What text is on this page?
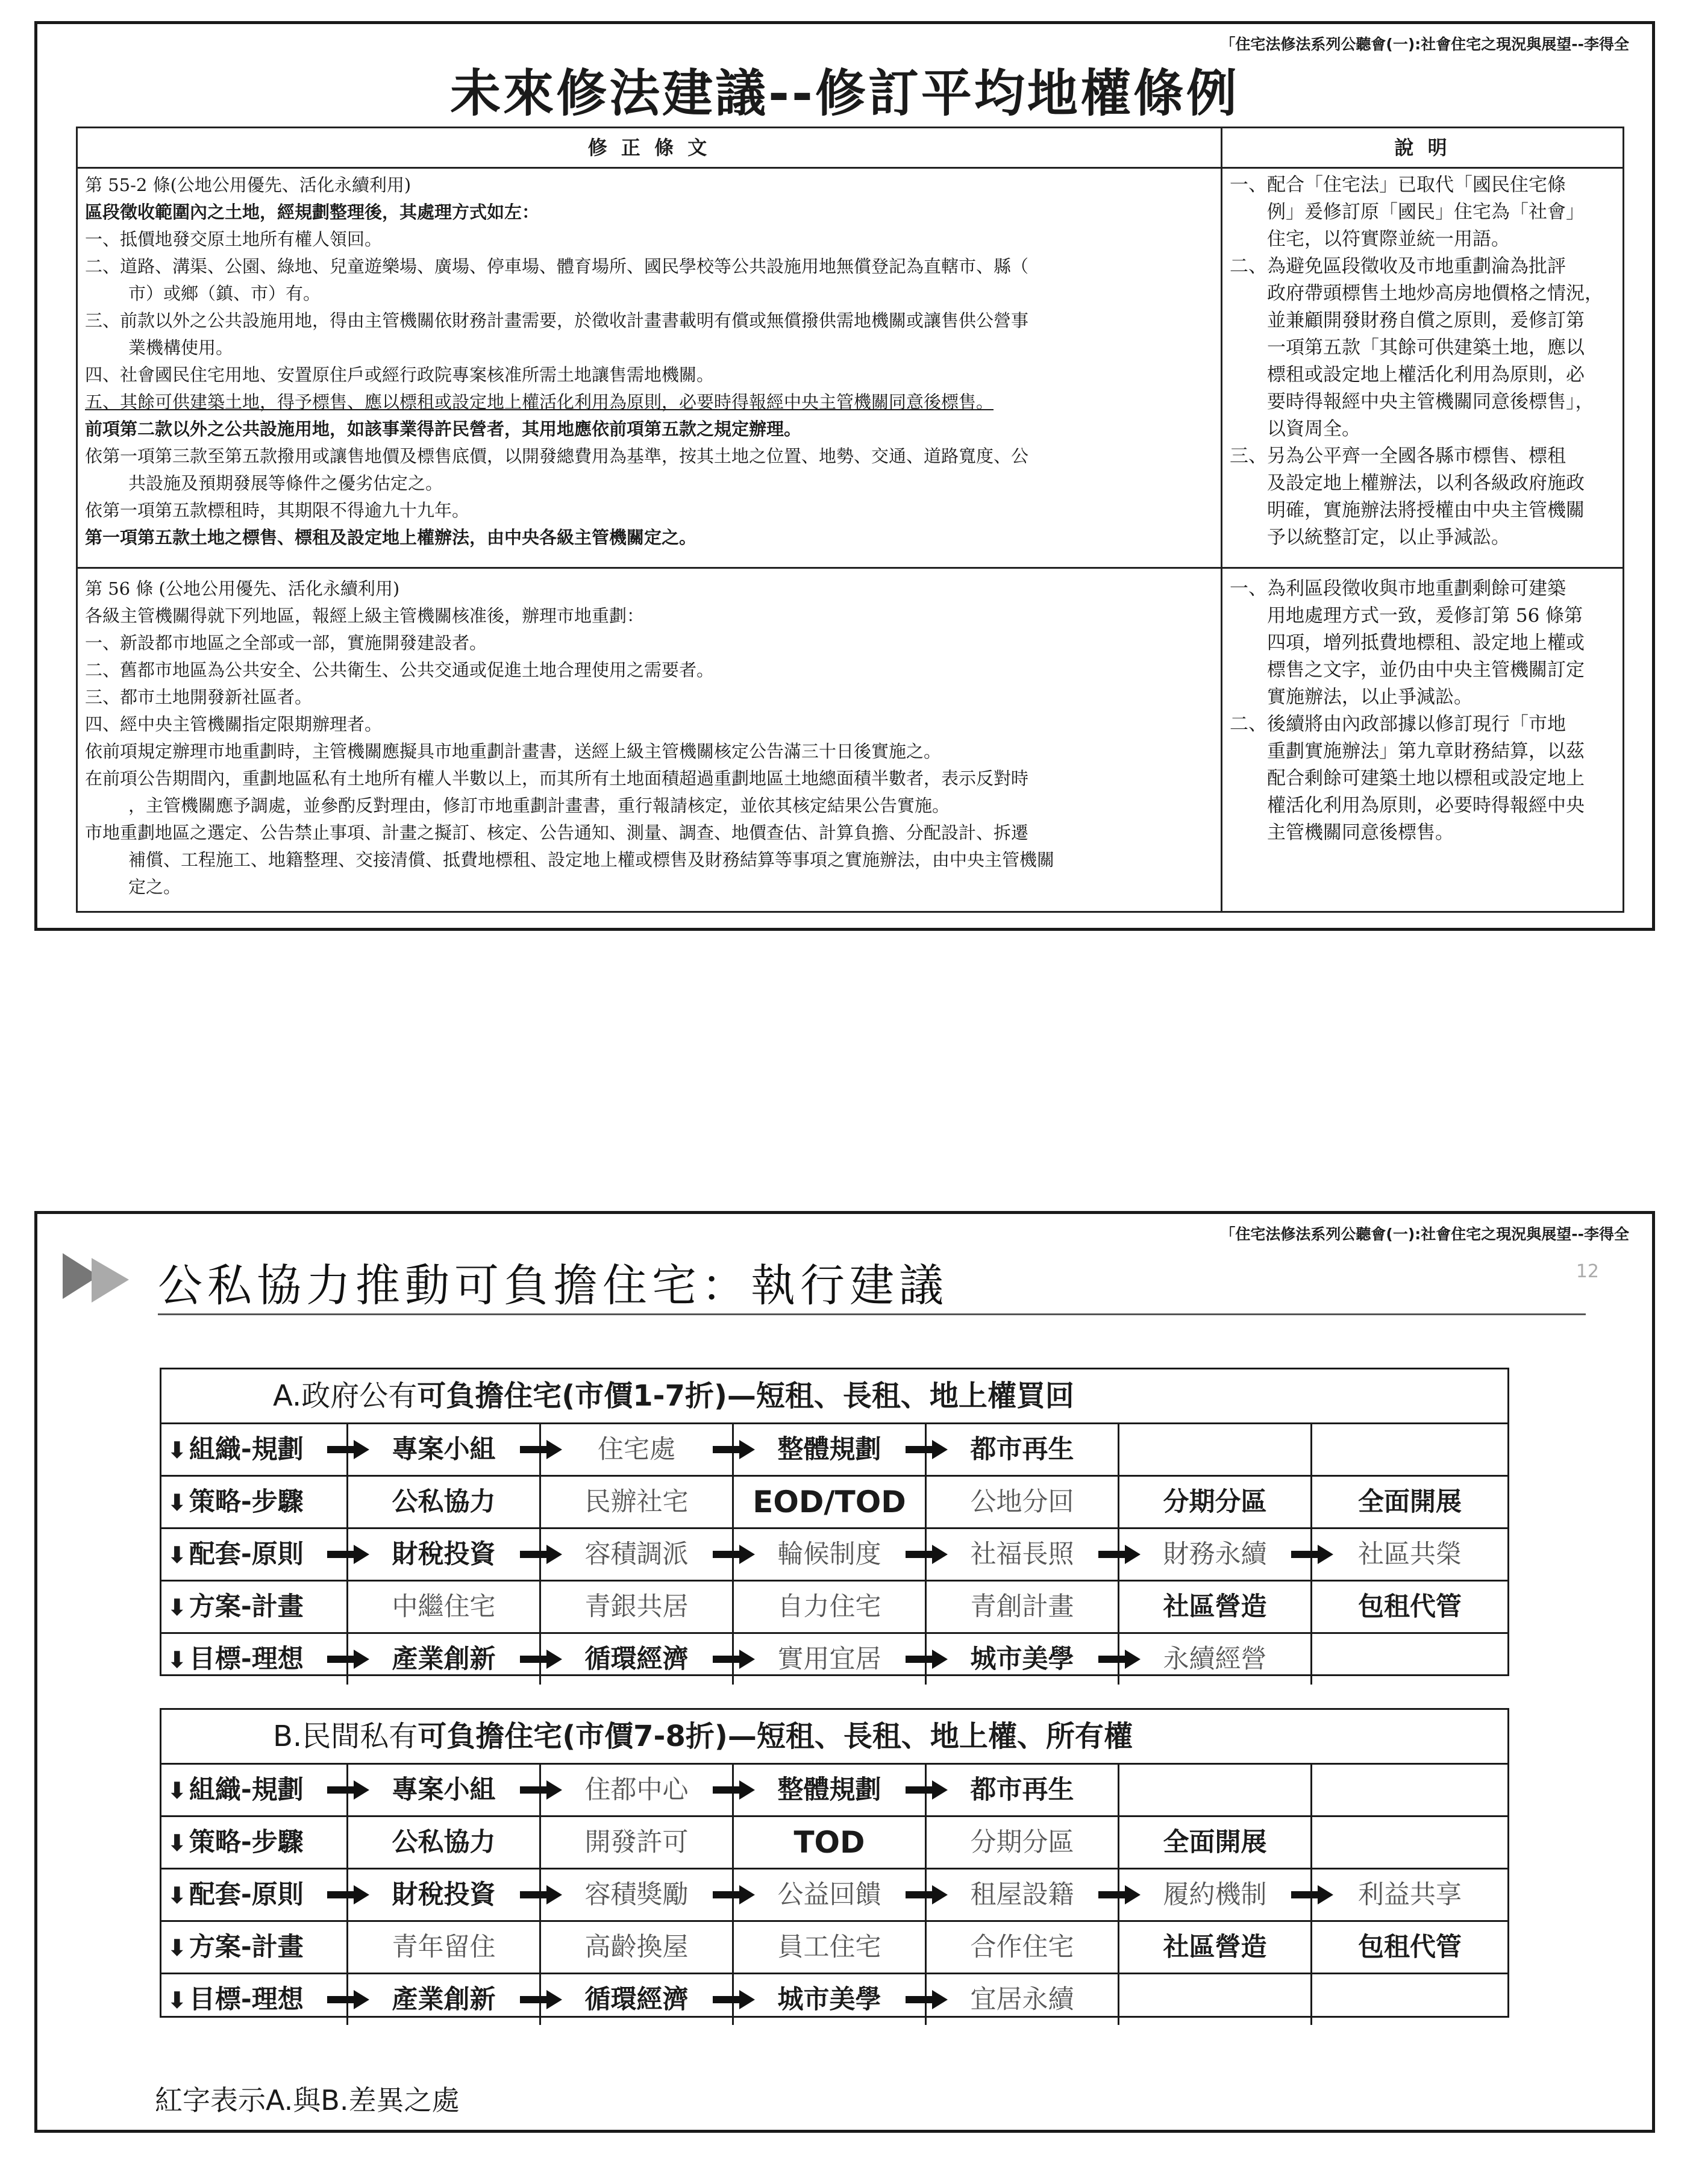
「住宅法修法系列公聽會(一):社會住宅之現況與展望--李得全
未來修法建議--修訂平均地權條例
修 正 條 文
第 55-2 條(公地公用優先、活化永續利用)
區段徵收範圍內之土地，經規劃整理後，其處理方式如左：
一、抵價地發交原土地所有權人領回。
二、道路、溝渠、公園、綠地、兒童遊樂場、廣場、停車場、體育場所、國民學校等公共設施用地無償登記為直轄市、縣（
市）或鄉（鎮、市）有。
三、前款以外之公共設施用地，得由主管機關依財務計畫需要，於徵收計畫書載明有償或無償撥供需地機關或讓售供公營事
業機構使用。
四、社會國民住宅用地、安置原住戶或經行政院專案核准所需土地讓售需地機關。
五、其餘可供建築土地，得予標售、應以標租或設定地上權活化利用為原則，必要時得報經中央主管機關同意後標售。
前項第二款以外之公共設施用地，如該事業得許民營者，其用地應依前項第五款之規定辦理。
依第一項第三款至第五款撥用或讓售地價及標售底價，以開發總費用為基準，按其土地之位置、地勢、交通、道路寬度、公
共設施及預期發展等條件之優劣估定之。
依第一項第五款標租時，其期限不得逾九十九年。
第一項第五款土地之標售、標租及設定地上權辦法，由中央各級主管機關定之。
第 56 條 (公地公用優先、活化永續利用)
各級主管機關得就下列地區，報經上級主管機關核准後，辦理市地重劃：
一、新設都市地區之全部或一部，實施開發建設者。
二、舊都市地區為公共安全、公共衛生、公共交通或促進土地合理使用之需要者。
三、都市土地開發新社區者。
四、經中央主管機關指定限期辦理者。
依前項規定辦理市地重劃時，主管機關應擬具市地重劃計畫書，送經上級主管機關核定公告滿三十日後實施之。
在前項公告期間內，重劃地區私有土地所有權人半數以上，而其所有土地面積超過重劃地區土地總面積半數者，表示反對時
，主管機關應予調處，並參酌反對理由，修訂市地重劃計畫書，重行報請核定，並依其核定結果公告實施。
市地重劃地區之選定、公告禁止事項、計畫之擬訂、核定、公告通知、測量、調查、地價查估、計算負擔、分配設計、拆遷
補償、工程施工、地籍整理、交接清償、抵費地標租、設定地上權或標售及財務結算等事項之實施辦法，由中央主管機關
定之。
說 明
一、配合「住宅法」已取代「國民住宅條
例」爰修訂原「國民」住宅為「社會」
住宅，以符實際並統一用語。
二、為避免區段徵收及市地重劃淪為批評
政府帶頭標售土地炒高房地價格之情況，
並兼顧開發財務自償之原則，爰修訂第
一項第五款「其餘可供建築土地，應以
標租或設定地上權活化利用為原則，必
要時得報經中央主管機關同意後標售」，
以資周全。
三、另為公平齊一全國各縣市標售、標租
及設定地上權辦法，以利各級政府施政
明確，實施辦法將授權由中央主管機關
予以統整訂定，以止爭減訟。
一、為利區段徵收與市地重劃剩餘可建築
用地處理方式一致，爰修訂第 56 條第
四項，增列抵費地標租、設定地上權或
標售之文字，並仍由中央主管機關訂定
實施辦法，以止爭減訟。
二、後續將由內政部據以修訂現行「市地
重劃實施辦法」第九章財務結算，以茲
配合剩餘可建築土地以標租或設定地上
權活化利用為原則，必要時得報經中央
主管機關同意後標售。
「住宅法修法系列公聽會(一):社會住宅之現況與展望--李得全
公私協力推動可負擔住宅：執行建議	12
A.政府公有可負擔住宅(市價1-7折)—短租、長租、地上權買回
⬇組織-規劃	專案小組	住宅處	整體規劃	都市再生
⬇策略-步驟	公私協力	民辦社宅	EOD/TOD	公地分回	分期分區	全面開展
⬇配套-原則	財稅投資	容積調派	輪候制度	社福長照	財務永續	社區共榮
⬇方案-計畫	中繼住宅	青銀共居	自力住宅	青創計畫	社區營造	包租代管
⬇目標-理想	產業創新	循環經濟	實用宜居	城市美學	永續經營
B.民間私有可負擔住宅(市價7-8折)—短租、長租、地上權、所有權
⬇組織-規劃	專案小組	住都中心	整體規劃	都市再生
⬇策略-步驟	公私協力	開發許可	TOD	分期分區	全面開展
⬇配套-原則	財稅投資	容積獎勵	公益回饋	租屋設籍	履約機制	利益共享
⬇方案-計畫	青年留住	高齡換屋	員工住宅	合作住宅	社區營造	包租代管
⬇目標-理想	產業創新	循環經濟	城市美學	宜居永續
紅字表示A.與B.差異之處
